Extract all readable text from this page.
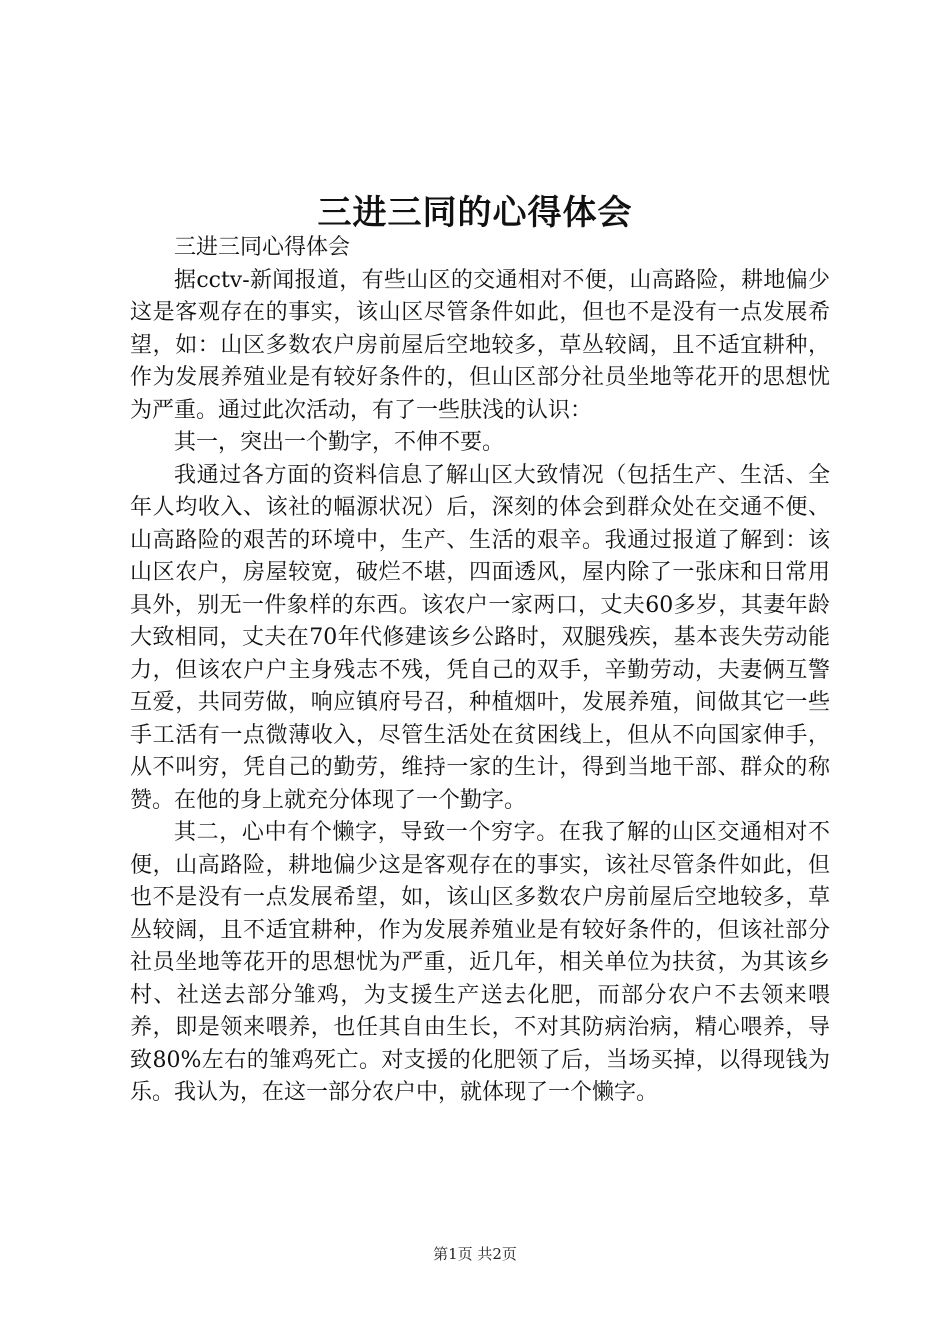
三进三同的心得体会

三进三同心得体会

据cctv-新闻报道，有些山区的交通相对不便，山高路险，耕地偏少这是客观存在的事实，该山区尽管条件如此，但也不是没有一点发展希望，如：山区多数农户房前屋后空地较多，草丛较阔，且不适宜耕种，作为发展养殖业是有较好条件的，但山区部分社员坐地等花开的思想忧为严重。通过此次活动，有了一些肤浅的认识：

其一，突出一个勤字，不伸不要。

我通过各方面的资料信息了解山区大致情况（包括生产、生活、全年人均收入、该社的幅源状况）后，深刻的体会到群众处在交通不便、山高路险的艰苦的环境中，生产、生活的艰辛。我通过报道了解到：该山区农户，房屋较宽，破烂不堪，四面透风，屋内除了一张床和日常用具外，别无一件象样的东西。该农户一家两口，丈夫60多岁，其妻年龄大致相同，丈夫在70年代修建该乡公路时，双腿残疾，基本丧失劳动能力，但该农户户主身残志不残，凭自己的双手，辛勤劳动，夫妻俩互警互爱，共同劳做，响应镇府号召，种植烟叶，发展养殖，间做其它一些手工活有一点微薄收入，尽管生活处在贫困线上，但从不向国家伸手，从不叫穷，凭自己的勤劳，维持一家的生计，得到当地干部、群众的称赞。在他的身上就充分体现了一个勤字。

其二，心中有个懒字，导致一个穷字。在我了解的山区交通相对不便，山高路险，耕地偏少这是客观存在的事实，该社尽管条件如此，但也不是没有一点发展希望，如，该山区多数农户房前屋后空地较多，草丛较阔，且不适宜耕种，作为发展养殖业是有较好条件的，但该社部分社员坐地等花开的思想忧为严重，近几年，相关单位为扶贫，为其该乡村、社送去部分雏鸡，为支援生产送去化肥，而部分农户不去领来喂养，即是领来喂养，也任其自由生长，不对其防病治病，精心喂养，导致80%左右的雏鸡死亡。对支援的化肥领了后，当场买掉，以得现钱为乐。我认为，在这一部分农户中，就体现了一个懒字。

第1页 共2页
